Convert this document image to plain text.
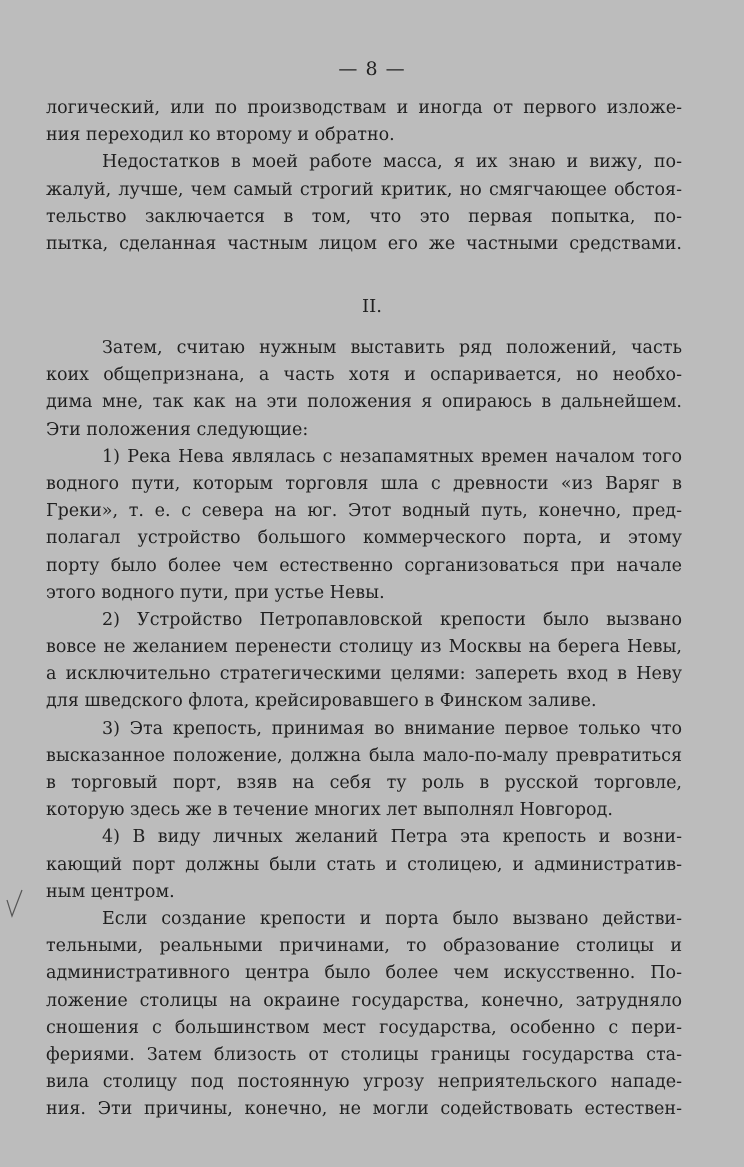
— 8 —
логический, или по производствам и иногда от первого изложе-
ния переходил ко второму и обратно.
Недостатков в моей работе масса, я их знаю и вижу, по-
жалуй, лучше, чем самый строгий критик, но смягчающее обстоя-
тельство заключается в том, что это первая попытка, по-
пытка, сделанная частным лицом его же частными средствами.
II.
Затем, считаю нужным выставить ряд положений, часть
коих общепризнана, а часть хотя и оспаривается, но необхо-
дима мне, так как на эти положения я опираюсь в дальнейшем.
Эти положения следующие:
1) Река Нева являлась с незапамятных времен началом того
водного пути, которым торговля шла с древности «из Варяг в
Греки», т. е. с севера на юг. Этот водный путь, конечно, пред-
полагал устройство большого коммерческого порта, и этому
порту было более чем естественно сорганизоваться при начале
этого водного пути, при устье Невы.
2) Устройство Петропавловской крепости было вызвано
вовсе не желанием перенести столицу из Москвы на берега Невы,
а исключительно стратегическими целями: запереть вход в Неву
для шведского флота, крейсировавшего в Финском заливе.
3) Эта крепость, принимая во внимание первое только что
высказанное положение, должна была мало-по-малу превратиться
в торговый порт, взяв на себя ту роль в русской торговле,
которую здесь же в течение многих лет выполнял Новгород.
4) В виду личных желаний Петра эта крепость и возни-
кающий порт должны были стать и столицею, и административ-
ным центром.
Если создание крепости и порта было вызвано действи-
тельными, реальными причинами, то образование столицы и
административного центра было более чем искусственно. По-
ложение столицы на окраине государства, конечно, затрудняло
сношения с большинством мест государства, особенно с пери-
фериями. Затем близость от столицы границы государства ста-
вила столицу под постоянную угрозу неприятельского нападе-
ния. Эти причины, конечно, не могли содействовать естествен-
